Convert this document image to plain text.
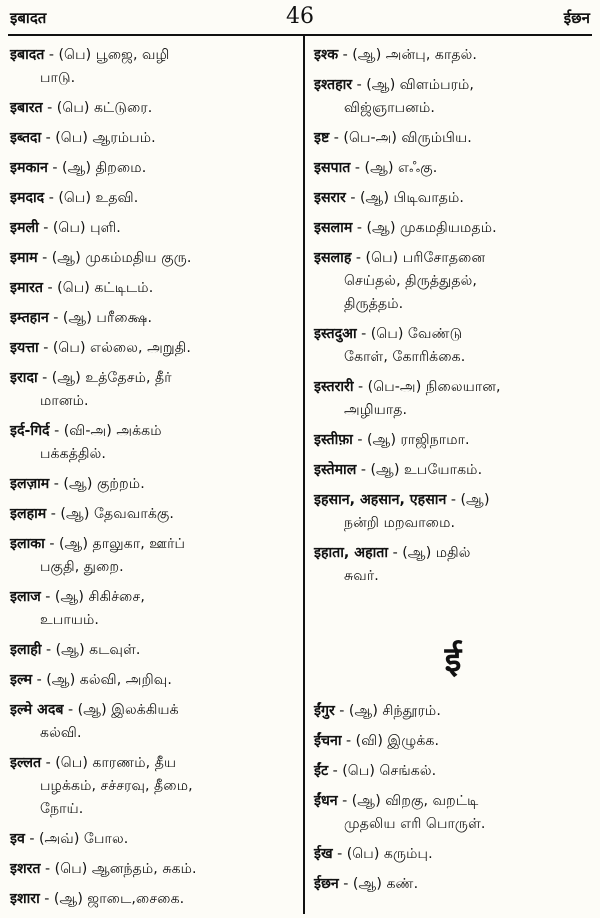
इबादत	46	ईछन
इबादत - (பெ) பூஜை, வழி
பாடு.
इबारत - (பெ) கட்டுரை.
इब्तदा - (பெ) ஆரம்பம்.
इमकान - (ஆ) திறமை.
इमदाद - (பெ) உதவி.
इमली - (பெ) புளி.
इमाम - (ஆ) முகம்மதிய குரு.
इमारत - (பெ) கட்டிடம்.
इम्तहान - (ஆ) பரீக்ஷை.
इयत्ता - (பெ) எல்லை, அறுதி.
इरादा - (ஆ) உத்தேசம், தீர்
மானம்.
इर्द-गिर्द - (வி-அ) அக்கம்
பக்கத்தில்.
इलज़ाम - (ஆ) குற்றம்.
इलहाम - (ஆ) தேவவாக்கு.
इलाका - (ஆ) தாலுகா, ஊர்ப்
பகுதி, துறை.
इलाज - (ஆ) சிகிச்சை,
உபாயம்.
इलाही - (ஆ) கடவுள்.
इल्म - (ஆ) கல்வி, அறிவு.
इल्मे अदब - (ஆ) இலக்கியக்
கல்வி.
इल्लत - (பெ) காரணம், தீய
பழக்கம், சச்சரவு, தீமை,
நோய்.
इव - (அவ்) போல.
इशरत - (பெ) ஆனந்தம், சுகம்.
इशारा - (ஆ) ஜாடை,சைகை.
इश्क - (ஆ) அன்பு, காதல்.
इश्तहार - (ஆ) விளம்பரம்,
விஜ்ஞாபனம்.
इष्ट - (பெ-அ) விரும்பிய.
इसपात - (ஆ) எஃகு.
इसरार - (ஆ) பிடிவாதம்.
इसलाम - (ஆ) முகமதியமதம்.
इसलाह - (பெ) பரிசோதனை
செய்தல், திருத்துதல்,
திருத்தம்.
इस्तदुआ - (பெ) வேண்டு
கோள், கோரிக்கை.
इस्तरारी - (பெ-அ) நிலையான,
அழியாத.
इस्तीफ़ा - (ஆ) ராஜிநாமா.
इस्तेमाल - (ஆ) உபயோகம்.
इहसान, अहसान, एहसान - (ஆ)
நன்றி மறவாமை.
इहाता, अहाता - (ஆ) மதில்
சுவர்.
ई
ईंगुर - (ஆ) சிந்தூரம்.
ईंचना - (வி) இழுக்க.
ईंट - (பெ) செங்கல்.
ईंधन - (ஆ) விறகு, வறட்டி
முதலிய எரி பொருள்.
ईख - (பெ) கரும்பு.
ईछन - (ஆ) கண்.
